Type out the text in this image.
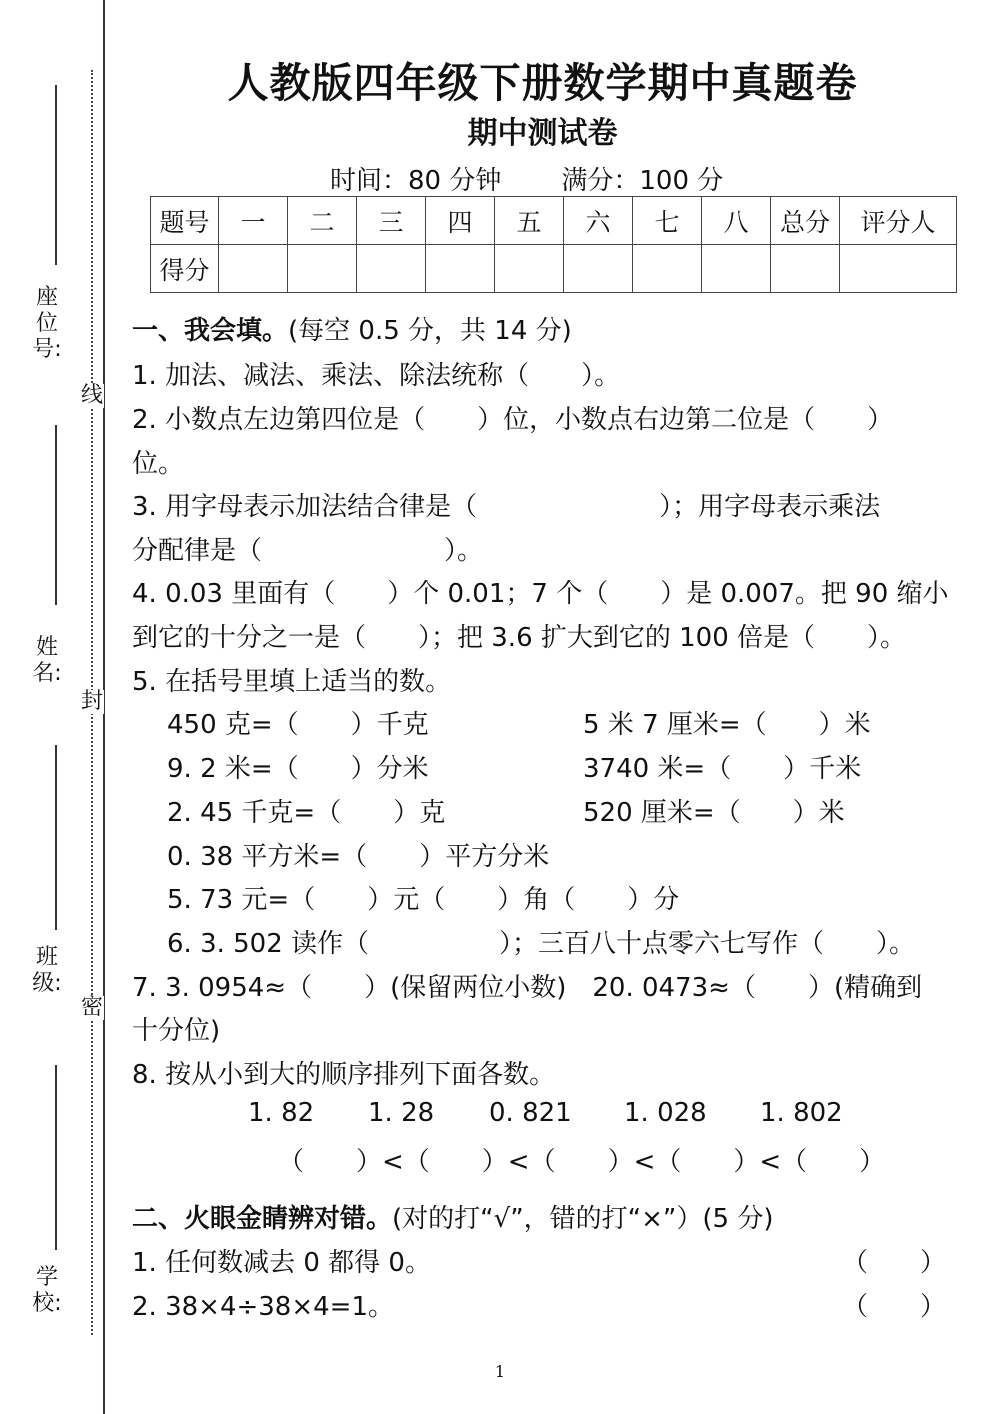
线
封
密
座位号:
姓名:
班级:
学校:
人教版四年级下册数学期中真题卷
期中测试卷
时间：80 分钟 满分：100 分
题号	一	二	三	四	五	六	七	八	总分	评分人
得分										
一、我会填。(每空 0.5 分，共 14 分)
1. 加法、减法、乘法、除法统称（　　）。
2. 小数点左边第四位是（　　）位，小数点右边第二位是（　　）
位。
3. 用字母表示加法结合律是（　　　　　　　）；用字母表示乘法
分配律是（　　　　　　　）。
4. 0.03 里面有（　　）个 0.01；7 个（　　）是 0.007。把 90 缩小
到它的十分之一是（　　）；把 3.6 扩大到它的 100 倍是（　　）。
5. 在括号里填上适当的数。
450 克=（　　）千克	5 米 7 厘米=（　　）米
9. 2 米=（　　）分米	3740 米=（　　）千米
2. 45 千克=（　　）克	520 厘米=（　　）米
0. 38 平方米=（　　）平方分米
5. 73 元=（　　）元（　　）角（　　）分
6. 3. 502 读作（　　　　　）；三百八十点零六七写作（　　）。
7. 3. 0954≈（　　）(保留两位小数)　20. 0473≈（　　）(精确到
十分位)
8. 按从小到大的顺序排列下面各数。
1. 82 1. 28 0. 821 1. 028 1. 802
（　　）<（　　）<（　　）<（　　）<（　　）
二、火眼金睛辨对错。(对的打“√”，错的打“×”）(5 分)
1. 任何数减去 0 都得 0。	（　　）
2. 38×4÷38×4=1。	（　　）
1
